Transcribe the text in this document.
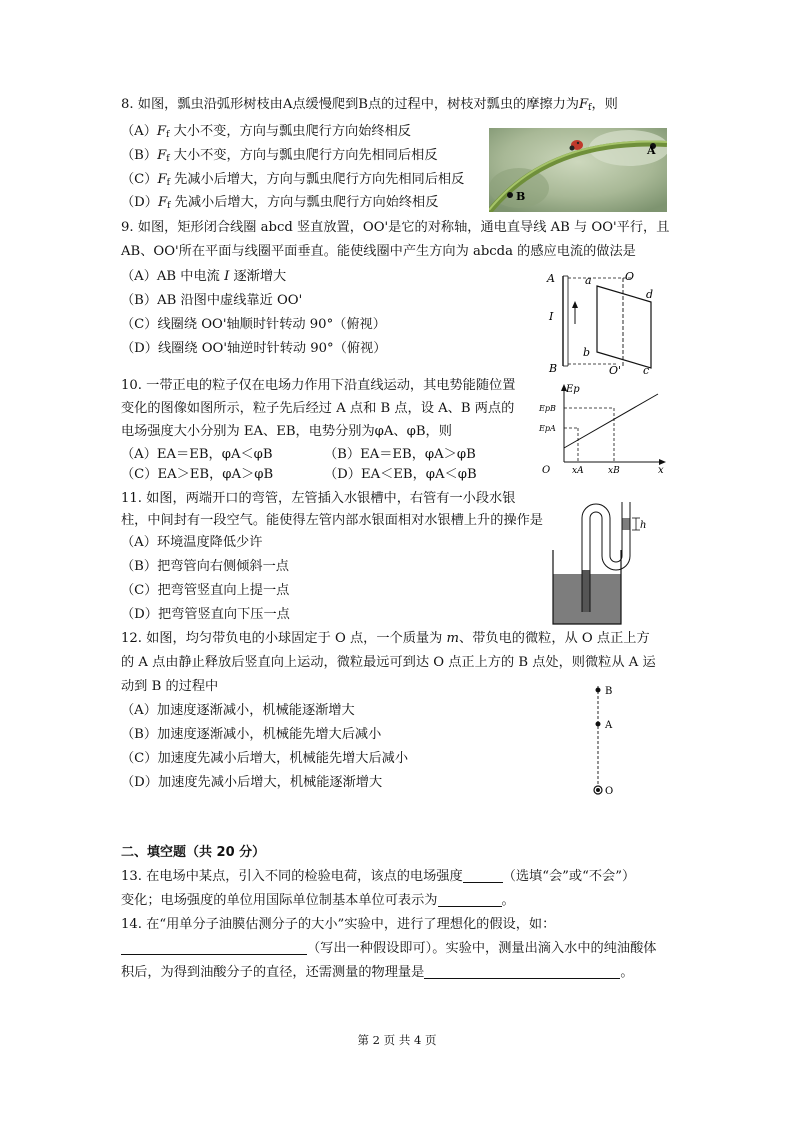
8. 如图，瓢虫沿弧形树枝由A点缓慢爬到B点的过程中，树枝对瓢虫的摩擦力为$F_f$，则
$(A)F_f$ 大小不变，方向与瓢虫爬行方向始终相反
$(B)F_f$ 大小不变，方向与瓢虫爬行方向先相同后相反
$(C)F_f$ 先减小后增大，方向与瓢虫爬行方向先相同后相反
$(D)F_f$ 先减小后增大，方向与瓢虫爬行方向始终相反
A
B
9. 如图，矩形闭合线圈 abcd 竖直放置，OO'是它的对称轴，通电直导线 AB 与 OO'平行，且
AB、OO'所在平面与线圈平面垂直。能使线圈中产生方向为 abcda 的感应电流的做法是
（A）AB 中电流 I 逐渐增大
（B）AB 沿图中虚线靠近 OO'
（C）线圈绕 OO'轴顺时针转动 90°（俯视）
（D）线圈绕 OO'轴逆时针转动 90°（俯视）
A
B
I
a
b
c
d
O
O'
10. 一带正电的粒子仅在电场力作用下沿直线运动，其电势能随位置
变化的图像如图所示，粒子先后经过 A 点和 B 点，设 A、B 两点的
电场强度大小分别为 EA、EB，电势分别为φA、φB，则
（A）EA＝EB，φA＜φB	（B）EA＝EB，φA＞φB
（C）EA＞EB，φA＞φB	（D）EA＜EB，φA＜φB
Ep
EpB
EpA
O xA	xB	x
11. 如图，两端开口的弯管，左管插入水银槽中，右管有一小段水银
柱，中间封有一段空气。能使得左管内部水银面相对水银槽上升的操作是
（A）环境温度降低少许
（B）把弯管向右侧倾斜一点
（C）把弯管竖直向上提一点
（D）把弯管竖直向下压一点
h
12. 如图，均匀带负电的小球固定于 O 点，一个质量为 m、带负电的微粒，从 O 点正上方
的 A 点由静止释放后竖直向上运动，微粒最远可到达 O 点正上方的 B 点处，则微粒从 A 运
动到 B 的过程中
（A）加速度逐渐减小，机械能逐渐增大
（B）加速度逐渐减小，机械能先增大后减小
（C）加速度先减小后增大，机械能先增大后减小
（D）加速度先减小后增大，机械能逐渐增大
B
A
O
二、填空题（共 20 分）
13. 在电场中某点，引入不同的检验电荷，该点的电场强度	（选填“会”或“不会”）
变化；电场强度的单位用国际单位制基本单位可表示为	。
14. 在“用单分子油膜估测分子的大小”实验中，进行了理想化的假设，如：
（写出一种假设即可）。实验中，测量出滴入水中的纯油酸体
积后，为得到油酸分子的直径，还需测量的物理量是	。
第 2 页 共 4 页
